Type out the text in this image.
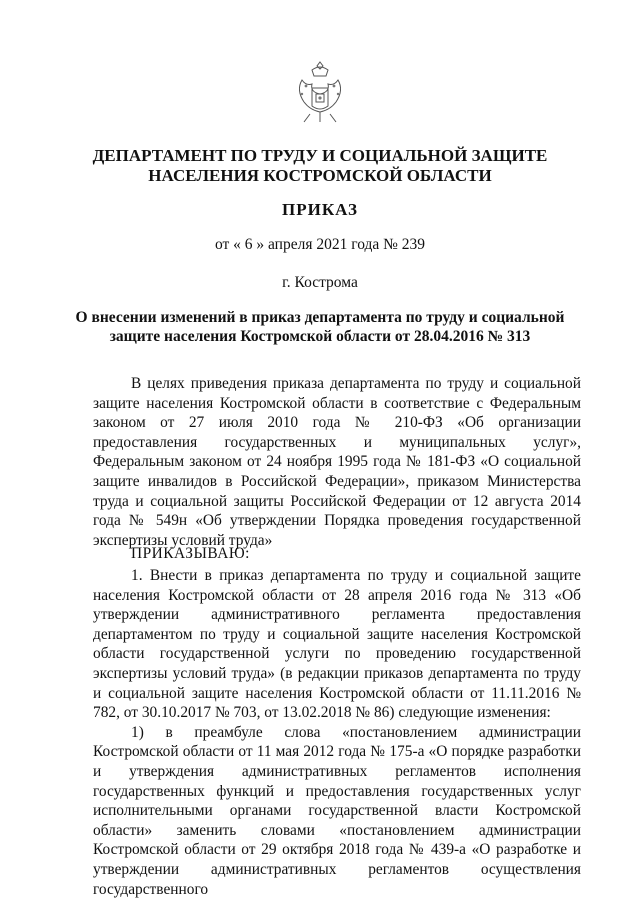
ДЕПАРТАМЕНТ ПО ТРУДУ И СОЦИАЛЬНОЙ ЗАЩИТЕ НАСЕЛЕНИЯ КОСТРОМСКОЙ ОБЛАСТИ
ПРИКАЗ
от « 6 » апреля 2021 года № 239
г. Кострома
О внесении изменений в приказ департамента по труду и социальной защите населения Костромской области от 28.04.2016 № 313

В целях приведения приказа департамента по труду и социальной защите населения Костромской области в соответствие с Федеральным законом от 27 июля 2010 года № 210-ФЗ «Об организации предоставления государственных и муниципальных услуг», Федеральным законом от 24 ноября 1995 года № 181-ФЗ «О социальной защите инвалидов в Российской Федерации», приказом Министерства труда и социальной защиты Российской Федерации от 12 августа 2014 года № 549н «Об утверждении Порядка проведения государственной экспертизы условий труда»

ПРИКАЗЫВАЮ:

1. Внести в приказ департамента по труду и социальной защите населения Костромской области от 28 апреля 2016 года № 313 «Об утверждении административного регламента предоставления департаментом по труду и социальной защите населения Костромской области государственной услуги по проведению государственной экспертизы условий труда» (в редакции приказов департамента по труду и социальной защите населения Костромской области от 11.11.2016 № 782, от 30.10.2017 № 703, от 13.02.2018 № 86) следующие изменения:

1) в преамбуле слова «постановлением администрации Костромской области от 11 мая 2012 года № 175-а «О порядке разработки и утверждения административных регламентов исполнения государственных функций и предоставления государственных услуг исполнительными органами государственной власти Костромской области» заменить словами «постановлением администрации Костромской области от 29 октября 2018 года № 439-а «О разработке и утверждении административных регламентов осуществления государственного
